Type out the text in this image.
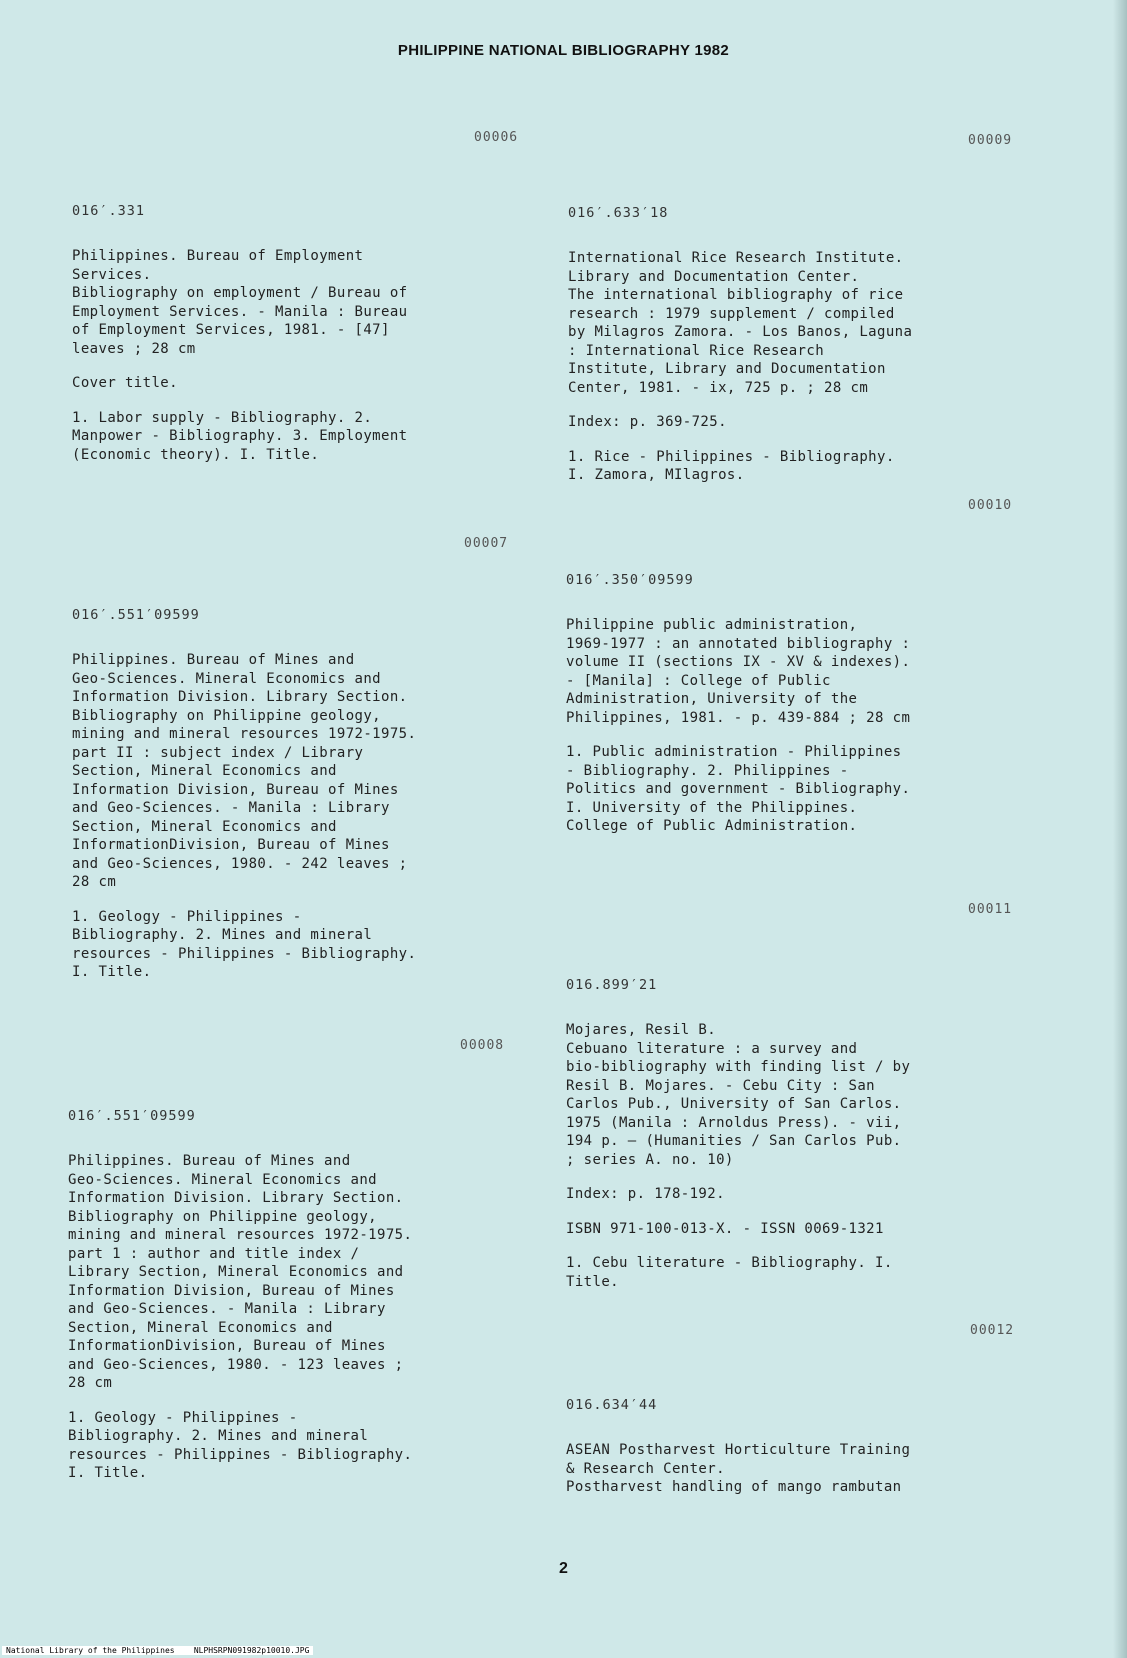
PHILIPPINE NATIONAL BIBLIOGRAPHY 1982
00006
016′.331
Philippines. Bureau of Employment
Services.
Bibliography on employment / Bureau of
Employment Services. - Manila : Bureau
of Employment Services, 1981. - [47]
leaves ; 28 cm
Cover title.
1. Labor supply - Bibliography. 2.
Manpower - Bibliography. 3. Employment
(Economic theory). I. Title.
00007
016′.551′09599
Philippines. Bureau of Mines and
Geo-Sciences. Mineral Economics and
Information Division. Library Section.
Bibliography on Philippine geology,
mining and mineral resources 1972-1975.
part II : subject index / Library
Section, Mineral Economics and
Information Division, Bureau of Mines
and Geo-Sciences. - Manila : Library
Section, Mineral Economics and
InformationDivision, Bureau of Mines
and Geo-Sciences, 1980. - 242 leaves ;
28 cm
1. Geology - Philippines -
Bibliography. 2. Mines and mineral
resources - Philippines - Bibliography.
I. Title.
00008
016′.551′09599
Philippines. Bureau of Mines and
Geo-Sciences. Mineral Economics and
Information Division. Library Section.
Bibliography on Philippine geology,
mining and mineral resources 1972-1975.
part 1 : author and title index /
Library Section, Mineral Economics and
Information Division, Bureau of Mines
and Geo-Sciences. - Manila : Library
Section, Mineral Economics and
InformationDivision, Bureau of Mines
and Geo-Sciences, 1980. - 123 leaves ;
28 cm
1. Geology - Philippines -
Bibliography. 2. Mines and mineral
resources - Philippines - Bibliography.
I. Title.
00009
016′.633′18
International Rice Research Institute.
Library and Documentation Center.
The international bibliography of rice
research : 1979 supplement / compiled
by Milagros Zamora. - Los Banos, Laguna
: International Rice Research
Institute, Library and Documentation
Center, 1981. - ix, 725 p. ; 28 cm
Index: p. 369-725.
1. Rice - Philippines - Bibliography.
I. Zamora, MIlagros.
00010
016′.350′09599
Philippine public administration,
1969-1977 : an annotated bibliography :
volume II (sections IX - XV & indexes).
- [Manila] : College of Public
Administration, University of the
Philippines, 1981. - p. 439-884 ; 28 cm
1. Public administration - Philippines
- Bibliography. 2. Philippines -
Politics and government - Bibliography.
I. University of the Philippines.
College of Public Administration.
00011
016.899′21
Mojares, Resil B.
Cebuano literature : a survey and
bio-bibliography with finding list / by
Resil B. Mojares. - Cebu City : San
Carlos Pub., University of San Carlos.
1975 (Manila : Arnoldus Press). - vii,
194 p. — (Humanities / San Carlos Pub.
; series A. no. 10)
Index: p. 178-192.
ISBN 971-100-013-X. - ISSN 0069-1321
1. Cebu literature - Bibliography. I.
Title.
00012
016.634′44
ASEAN Postharvest Horticulture Training
& Research Center.
Postharvest handling of mango rambutan
2
National Library of the Philippines NLPHSRPN091982p10010.JPG
